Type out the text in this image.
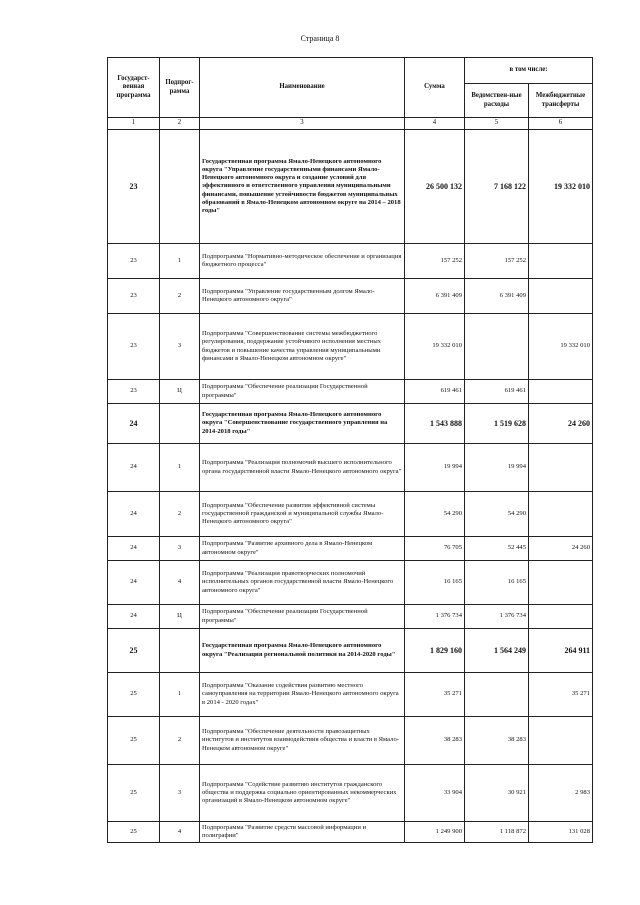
Страница 8
Государст-венная программа	Подпрог-рамма	Наименование	Сумма	в том числе:	
				Ведомствен-ные расходы	Межбюджетные трансферты
1	2	3	4	5	6
23		Государственная программа Ямало-Ненецкого автономного округа "Управление государственными финансами Ямало-Ненецкого автономного округа и создание условий для эффективного и ответственного управления муниципальными финансами, повышение устойчивости бюджетов муниципальных образований в Ямало-Ненецком автономном округе на 2014 – 2018 годы"	26 500 132	7 168 122	19 332 010
23	1	Подпрограмма "Нормативно-методическое обеспечение и организация бюджетного процесса"	157 252	157 252	
23	2	Подпрограмма "Управление государственным долгом Ямало-Ненецкого автономного округа"	6 391 409	6 391 409	
23	3	Подпрограмма "Совершенствование системы межбюджетного регулирования, поддержание устойчивого исполнения местных бюджетов и повышение качества управления муниципальными финансами в Ямало-Ненецком автономном округе"	19 332 010		19 332 010
23	Ц	Подпрограмма "Обеспечение реализации Государственной программы"	619 461	619 461	
24		Государственная программа Ямало-Ненецкого автономного округа "Совершенствование государственного управления на 2014-2018 годы"	1 543 888	1 519 628	24 260
24	1	Подпрограмма "Реализация полномочий высшего исполнительного органа государственной власти Ямало-Ненецкого автономного округа"	19 994	19 994	
24	2	Подпрограмма "Обеспечение развития эффективной системы государственной гражданской и муниципальной службы Ямало-Ненецкого автономного округа"	54 290	54 290	
24	3	Подпрограмма "Развитие архивного дела в Ямало-Ненецком автономном округе"	76 705	52 445	24 260
24	4	Подпрограмма "Реализация правотворческих полномочий исполнительных органов государственной власти Ямало-Ненецкого автономного округа"	16 165	16 165	
24	Ц	Подпрограмма "Обеспечение реализации Государственной программы"	1 376 734	1 376 734	
25		Государственная программа Ямало-Ненецкого автономного округа "Реализация региональной политики на 2014-2020 годы"	1 829 160	1 564 249	264 911
25	1	Подпрограмма "Оказание содействия развитию местного самоуправления на территории Ямало-Ненецкого автономного округа в 2014 - 2020 годах"	35 271		35 271
25	2	Подпрограмма "Обеспечение деятельности правозащитных институтов и институтов взаимодействия общества и власти в Ямало-Ненецком автономном округе"	38 283	38 283	
25	3	Подпрограмма "Содействие развитию институтов гражданского общества и поддержка социально ориентированных некоммерческих организаций в Ямало-Ненецком автономном округе"	33 904	30 921	2 983
25	4	Подпрограмма "Развитие средств массовой информации и полиграфии"	1 249 900	1 118 872	131 028
